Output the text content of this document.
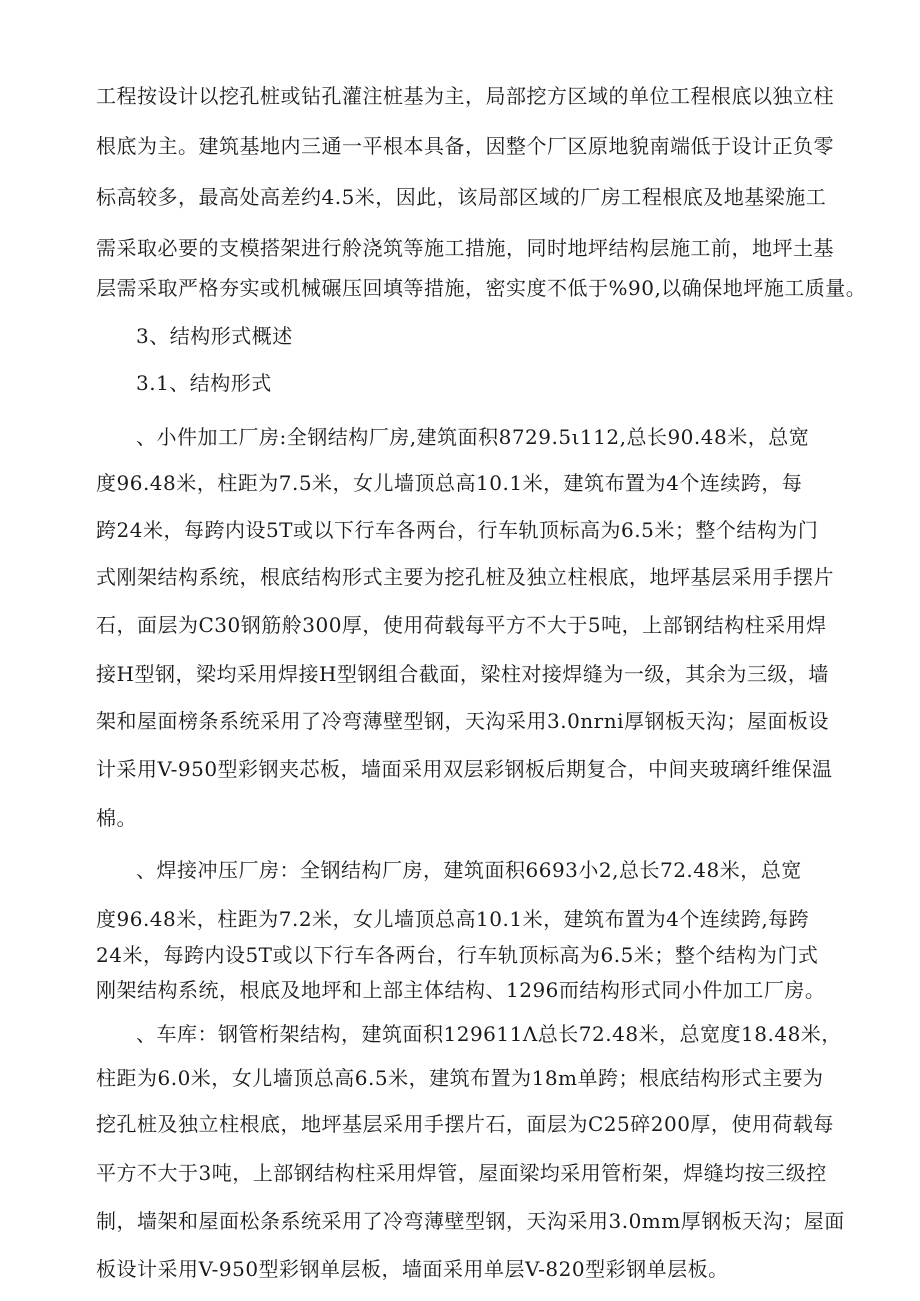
工程按设计以挖孔桩或钻孔灌注桩基为主，局部挖方区域的单位工程根底以独立柱
根底为主。建筑基地内三通一平根本具备，因整个厂区原地貌南端低于设计正负零
标高较多，最高处高差约4.5米，因此，该局部区域的厂房工程根底及地基梁施工
需采取必要的支模搭架进行舲浇筑等施工措施，同时地坪结构层施工前，地坪土基
层需采取严格夯实或机械碾压回填等措施，密实度不低于%90,以确保地坪施工质量。
3、结构形式概述
3.1、结构形式
、小件加工厂房:全钢结构厂房,建筑面积8729.5ι112,总长90.48米，总宽
度96.48米，柱距为7.5米，女儿墙顶总高10.1米，建筑布置为4个连续跨，每
跨24米，每跨内设5T或以下行车各两台，行车轨顶标高为6.5米；整个结构为门
式刚架结构系统，根底结构形式主要为挖孔桩及独立柱根底，地坪基层采用手摆片
石，面层为C30钢筋舲300厚，使用荷载每平方不大于5吨，上部钢结构柱采用焊
接H型钢，梁均采用焊接H型钢组合截面，梁柱对接焊缝为一级，其余为三级，墙
架和屋面榜条系统采用了冷弯薄壁型钢，天沟采用3.0nrni厚钢板天沟；屋面板设
计采用V-950型彩钢夹芯板，墙面采用双层彩钢板后期复合，中间夹玻璃纤维保温
棉。
、焊接冲压厂房：全钢结构厂房，建筑面积6693小2,总长72.48米，总宽
度96.48米，柱距为7.2米，女儿墙顶总高10.1米，建筑布置为4个连续跨,每跨
24米，每跨内设5T或以下行车各两台，行车轨顶标高为6.5米；整个结构为门式
刚架结构系统，根底及地坪和上部主体结构、1296而结构形式同小件加工厂房。
、车库：钢管桁架结构，建筑面积129611Λ总长72.48米，总宽度18.48米，
柱距为6.0米，女儿墙顶总高6.5米，建筑布置为18m单跨；根底结构形式主要为
挖孔桩及独立柱根底，地坪基层采用手摆片石，面层为C25碎200厚，使用荷载每
平方不大于3吨，上部钢结构柱采用焊管，屋面梁均采用管桁架，焊缝均按三级控
制，墙架和屋面松条系统采用了冷弯薄壁型钢，天沟采用3.0mm厚钢板天沟；屋面
板设计采用V-950型彩钢单层板，墙面采用单层V-820型彩钢单层板。
